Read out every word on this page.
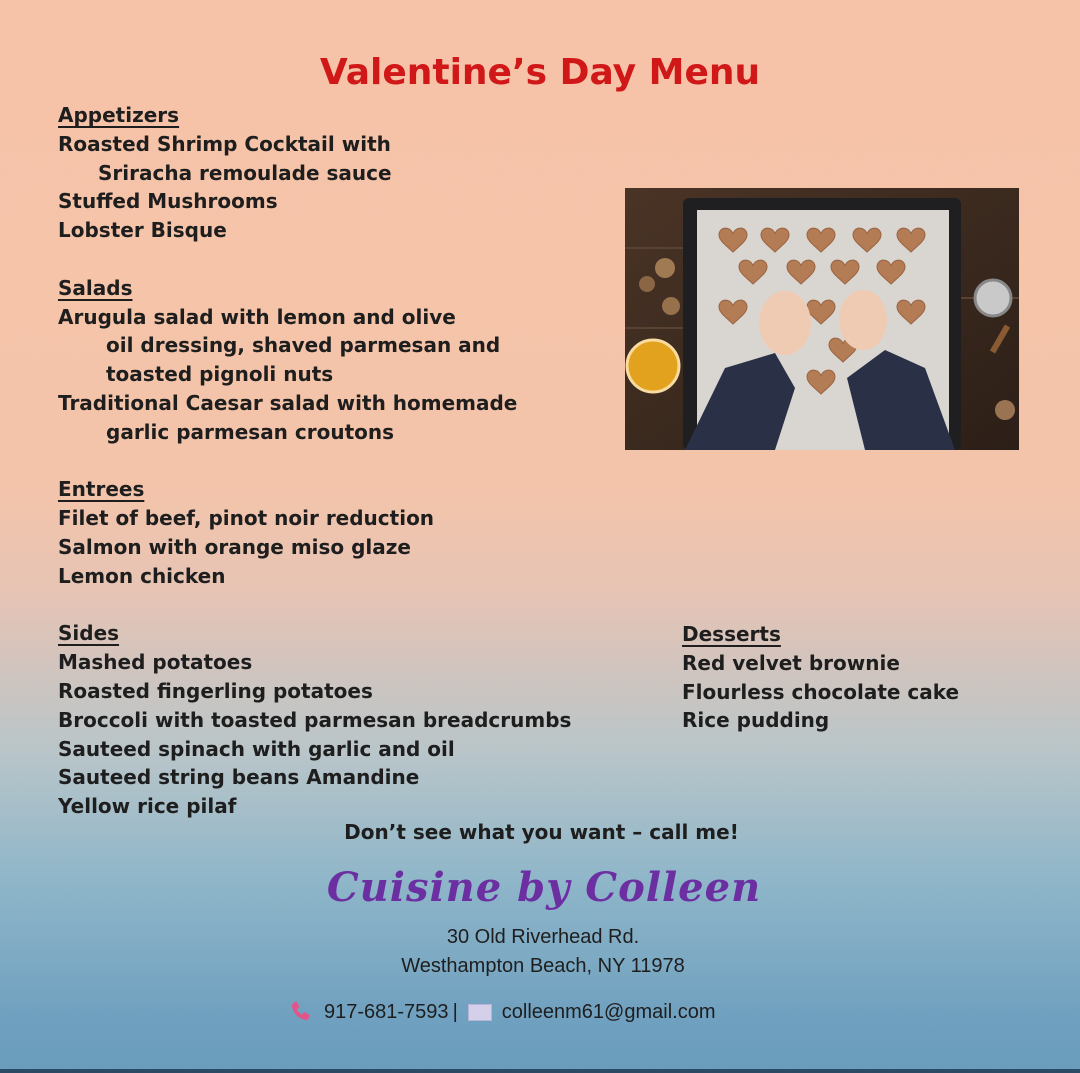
Valentine’s Day Menu
Appetizers
Roasted Shrimp Cocktail with
Sriracha remoulade sauce
Stuffed Mushrooms
Lobster Bisque
Salads
Arugula salad with lemon and olive
oil dressing, shaved parmesan and
toasted pignoli nuts
Traditional Caesar salad with homemade
garlic parmesan croutons
Entrees
Filet of beef, pinot noir reduction
Salmon with orange miso glaze
Lemon chicken
Sides
Mashed potatoes
Roasted fingerling potatoes
Broccoli with toasted parmesan breadcrumbs
Sauteed spinach with garlic and oil
Sauteed string beans Amandine
Yellow rice pilaf
Desserts
Red velvet brownie
Flourless chocolate cake
Rice pudding
Don’t see what you want – call me!
Cuisine by Colleen
30 Old Riverhead Rd.
Westhampton Beach, NY 11978
917-681-7593 | colleenm61@gmail.com
